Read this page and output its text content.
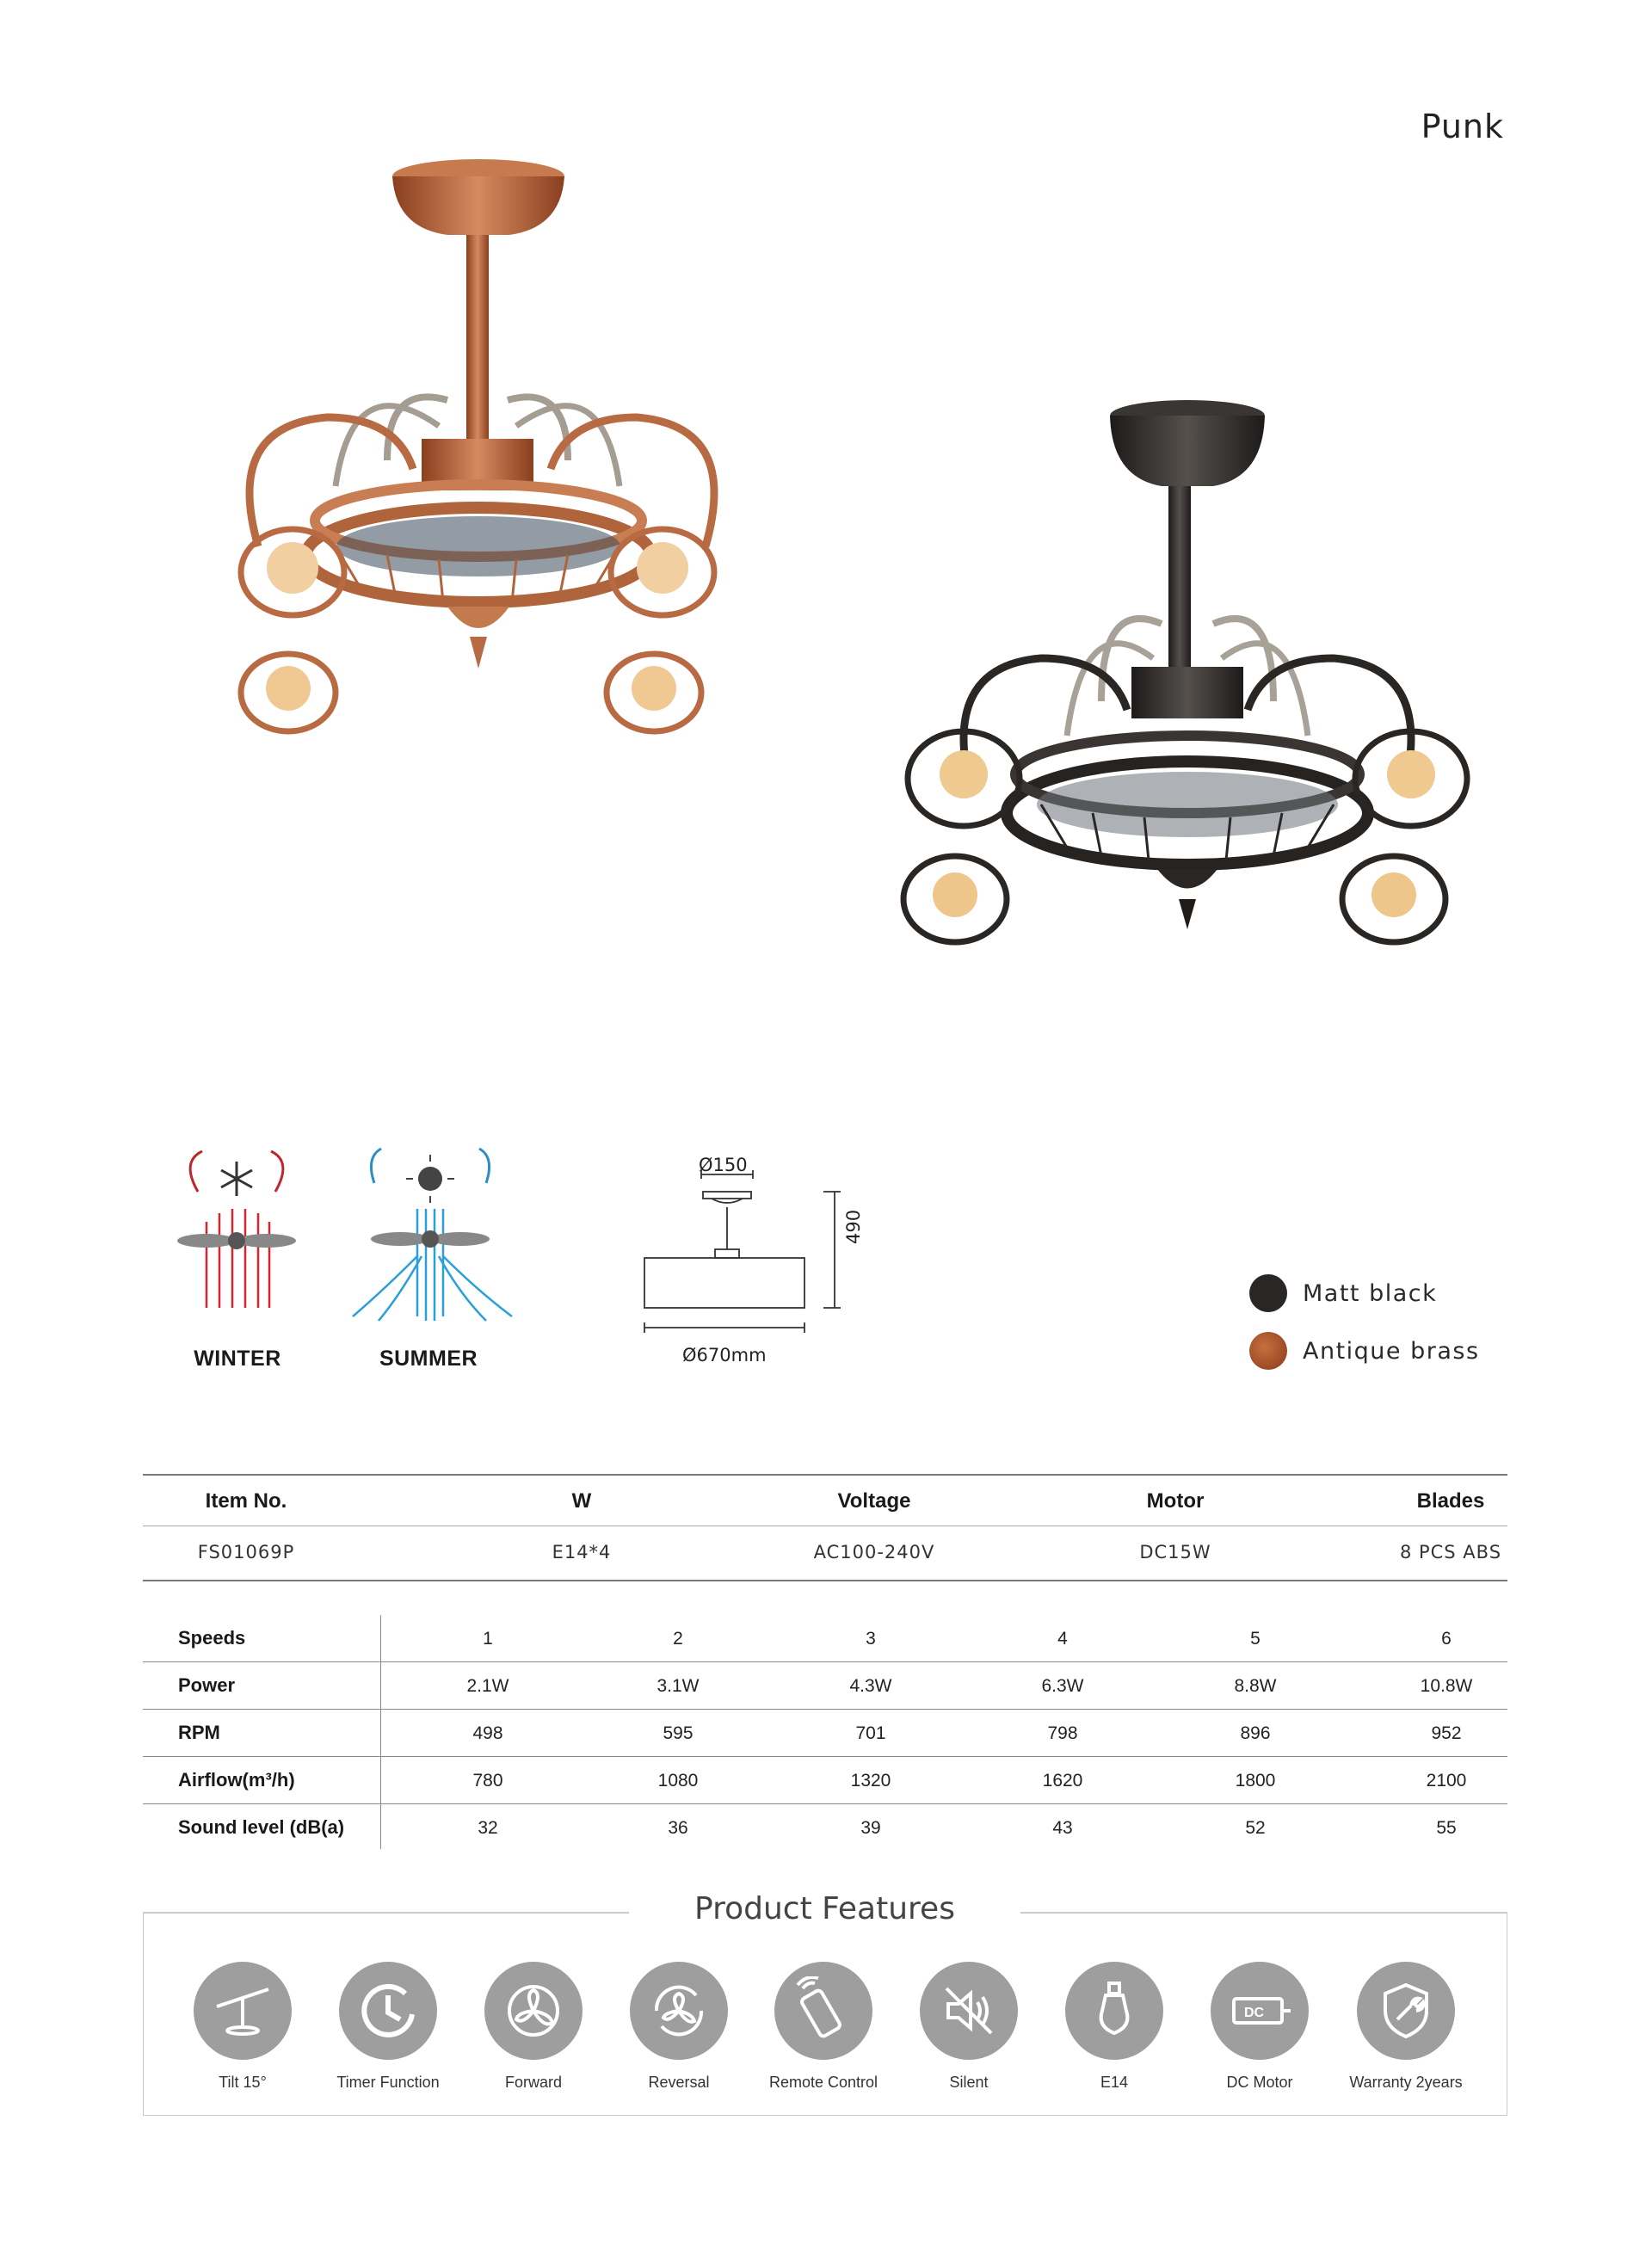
Punk
WINTER	SUMMER
Ø150
490
Ø670mm
Matt black
Antique brass
Item No.	W	Voltage	Motor	Blades
FS01069P	E14*4	AC100-240V	DC15W	8 PCS ABS
Speeds	1	2	3	4	5	6
Power	2.1W	3.1W	4.3W	6.3W	8.8W	10.8W
RPM	498	595	701	798	896	952
Airflow(m³/h)	780	1080	1320	1620	1800	2100
Sound level (dB(a)	32	36	39	43	52	55
Product Features
Tilt 15°	Timer Function	Forward	Reversal	Remote Control	Silent	E14
DC
DC Motor	Warranty 2years
